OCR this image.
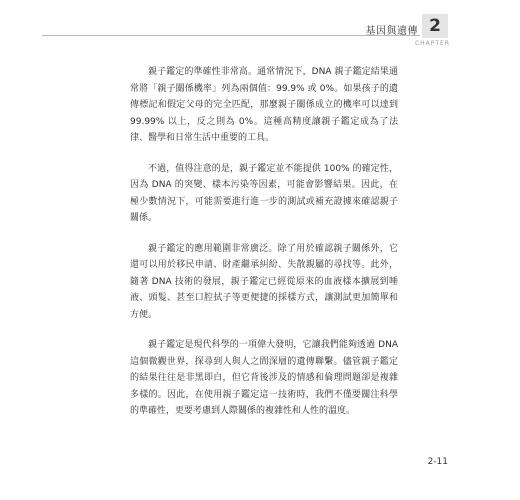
基因與遺傳 2
CHAPTER

親子鑑定的準確性非常高。通常情況下，DNA 親子鑑定結果通常將「親子關係機率」列為兩個值：99.9% 或 0%。如果孩子的遺傳標記和假定父母的完全匹配，那麼親子關係成立的機率可以達到 99.99% 以上，反之則為 0%。這種高精度讓親子鑑定成為了法律、醫學和日常生活中重要的工具。

不過，值得注意的是，親子鑑定並不能提供 100% 的確定性，因為 DNA 的突變、樣本污染等因素，可能會影響結果。因此，在極少數情況下，可能需要進行進一步的測試或補充證據來確認親子關係。

親子鑑定的應用範圍非常廣泛。除了用於確認親子關係外，它還可以用於移民申請、財產繼承糾紛、失散親屬的尋找等。此外，隨著 DNA 技術的發展，親子鑑定已經從原來的血液樣本擴展到唾液、頭髮、甚至口腔拭子等更便捷的採樣方式，讓測試更加簡單和方便。

親子鑑定是現代科學的一項偉大發明，它讓我們能夠透過 DNA 這個微觀世界，探尋到人與人之間深層的遺傳聯繫。儘管親子鑑定的結果往往是非黑即白，但它背後涉及的情感和倫理問題卻是複雜多樣的。因此，在使用親子鑑定這一技術時，我們不僅要關注科學的準確性，更要考慮到人際關係的複雜性和人性的溫度。

2-11
